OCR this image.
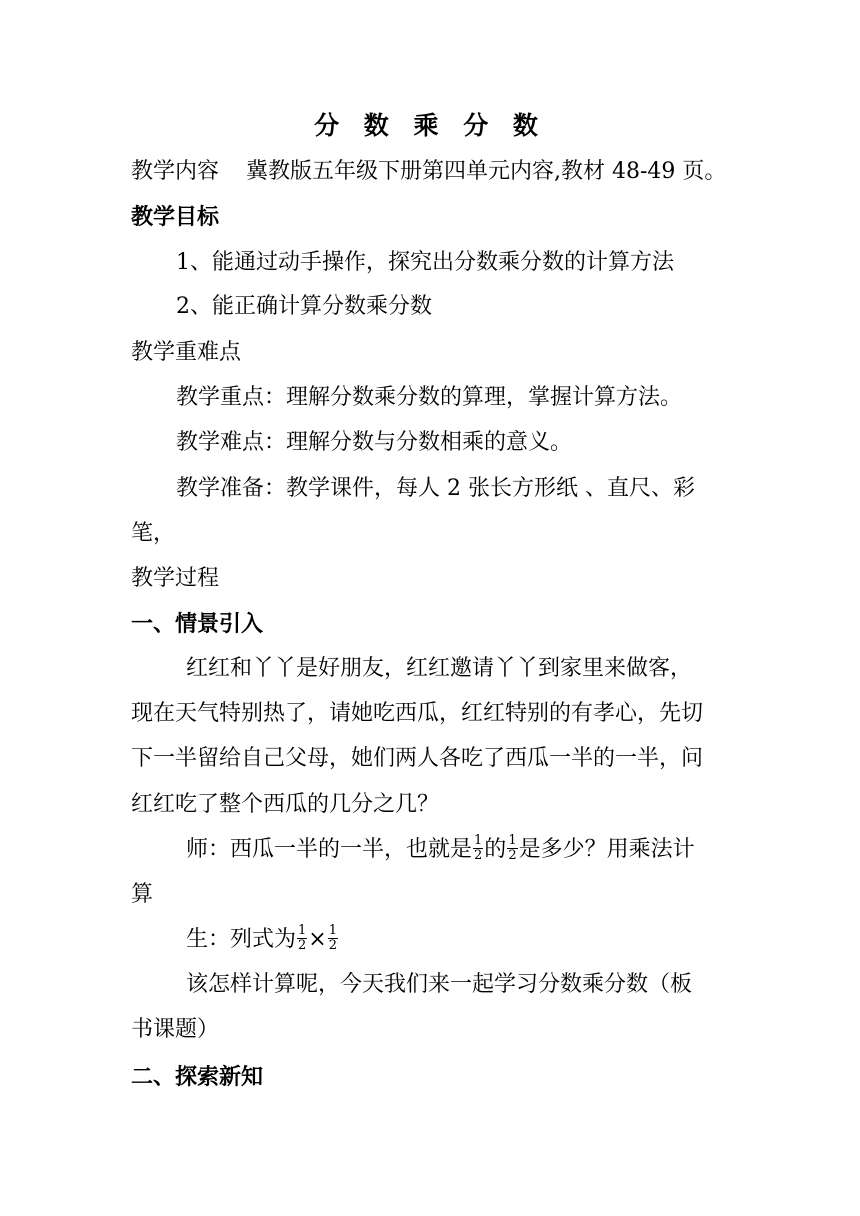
分 数 乘 分 数
教学内容 冀教版五年级下册第四单元内容,教材 48-49 页。
教学目标
1、能通过动手操作，探究出分数乘分数的计算方法
2、能正确计算分数乘分数
教学重难点
教学重点：理解分数乘分数的算理，掌握计算方法。
教学难点：理解分数与分数相乘的意义。
教学准备：教学课件，每人 2 张长方形纸 、直尺、彩
笔，
教学过程
一、情景引入
红红和丫丫是好朋友，红红邀请丫丫到家里来做客，
现在天气特别热了，请她吃西瓜，红红特别的有孝心，先切
下一半留给自己父母，她们两人各吃了西瓜一半的一半，问
红红吃了整个西瓜的几分之几？
师：西瓜一半的一半，也就是 $\frac{1}{2}$ 的 $\frac{1}{2}$ 是多少？用乘法计
算
生：列式为 $\frac{1}{2} \times \frac{1}{2}$
该怎样计算呢，今天我们来一起学习分数乘分数（板
书课题）
二、探索新知
